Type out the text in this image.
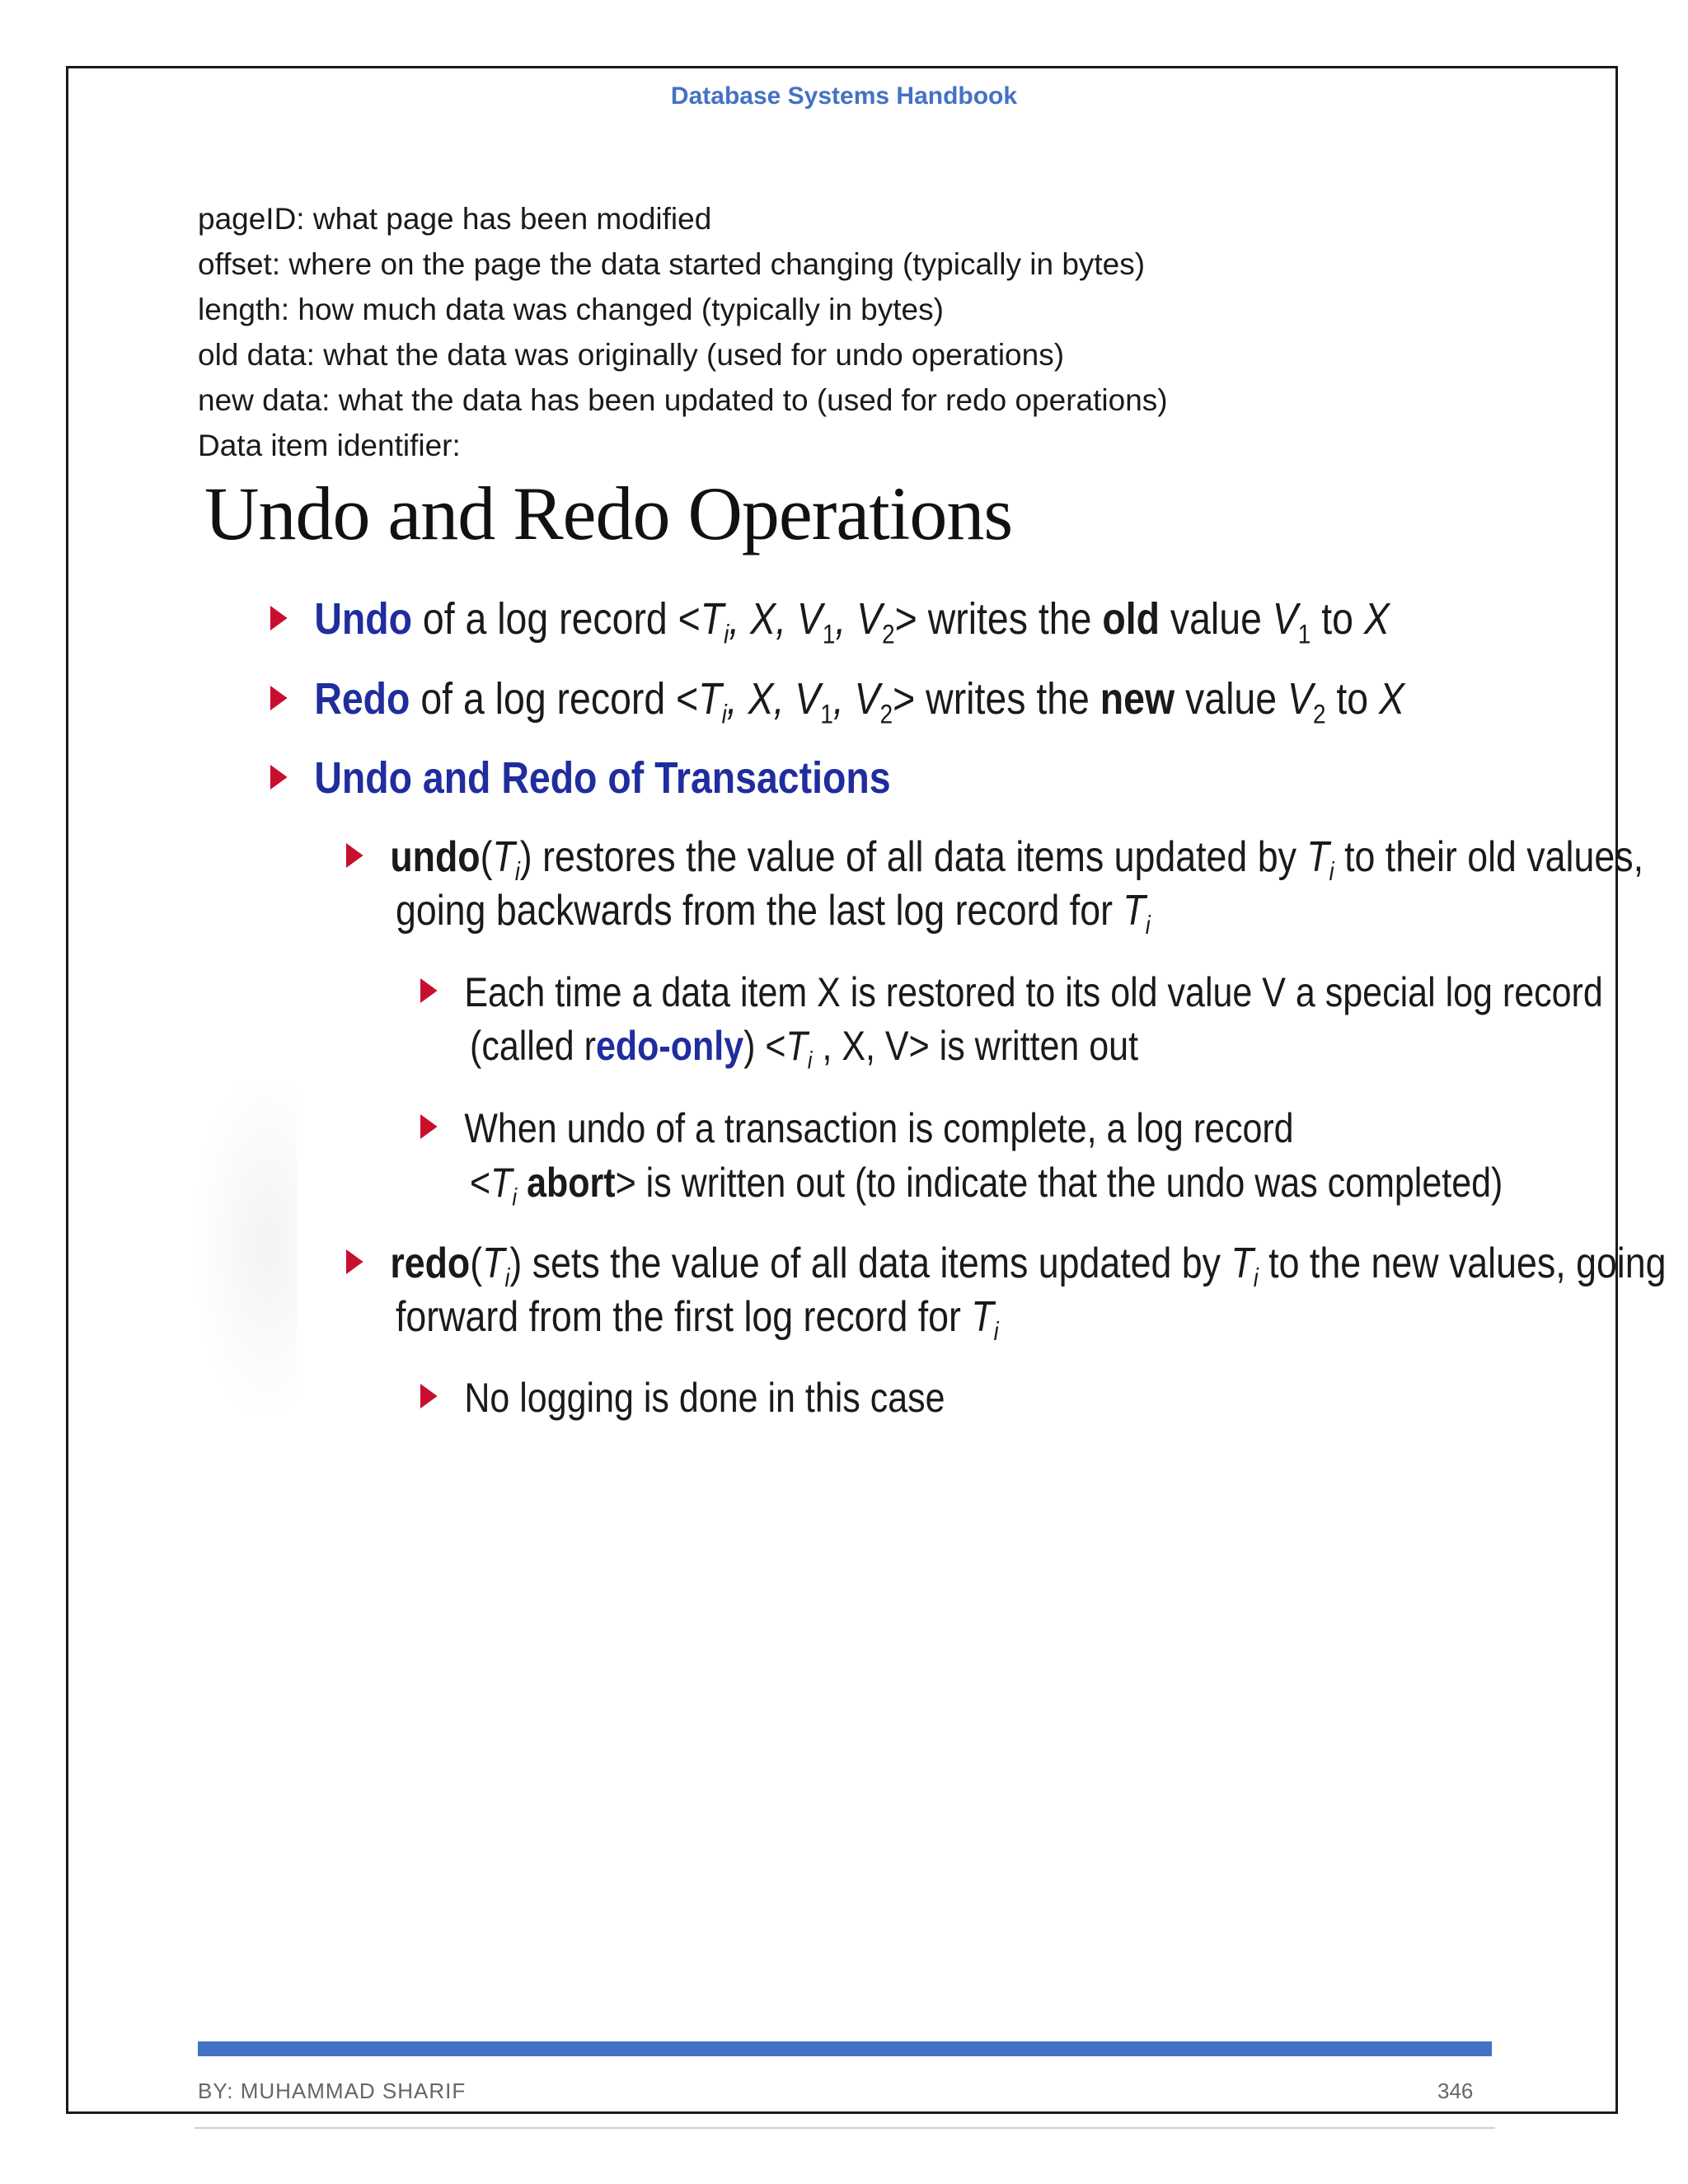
Database Systems Handbook
pageID: what page has been modified
offset: where on the page the data started changing (typically in bytes)
length: how much data was changed (typically in bytes)
old data: what the data was originally (used for undo operations)
new data: what the data has been updated to (used for redo operations)
Data item identifier:
Undo and Redo Operations
Undo of a log record $<T_i$, X, $V_1$, $V_2>$ writes the old value $V_1$ to X
Redo of a log record $<T_i$, X, $V_1$, $V_2>$ writes the new value $V_2$ to X
Undo and Redo of Transactions
$undo(T_i)$ restores the value of all data items updated by $T_i$ to their old values,
going backwards from the last log record for $T_i$
Each time a data item X is restored to its old value V a special log record
(called redo-only) $<T_i$ , X, V> is written out
When undo of a transaction is complete, a log record
$<T_i$ abort> is written out (to indicate that the undo was completed)
$redo(T_i)$ sets the value of all data items updated by $T_i$ to the new values, going
forward from the first log record for $T_i$
No logging is done in this case
BY: MUHAMMAD SHARIF	346
